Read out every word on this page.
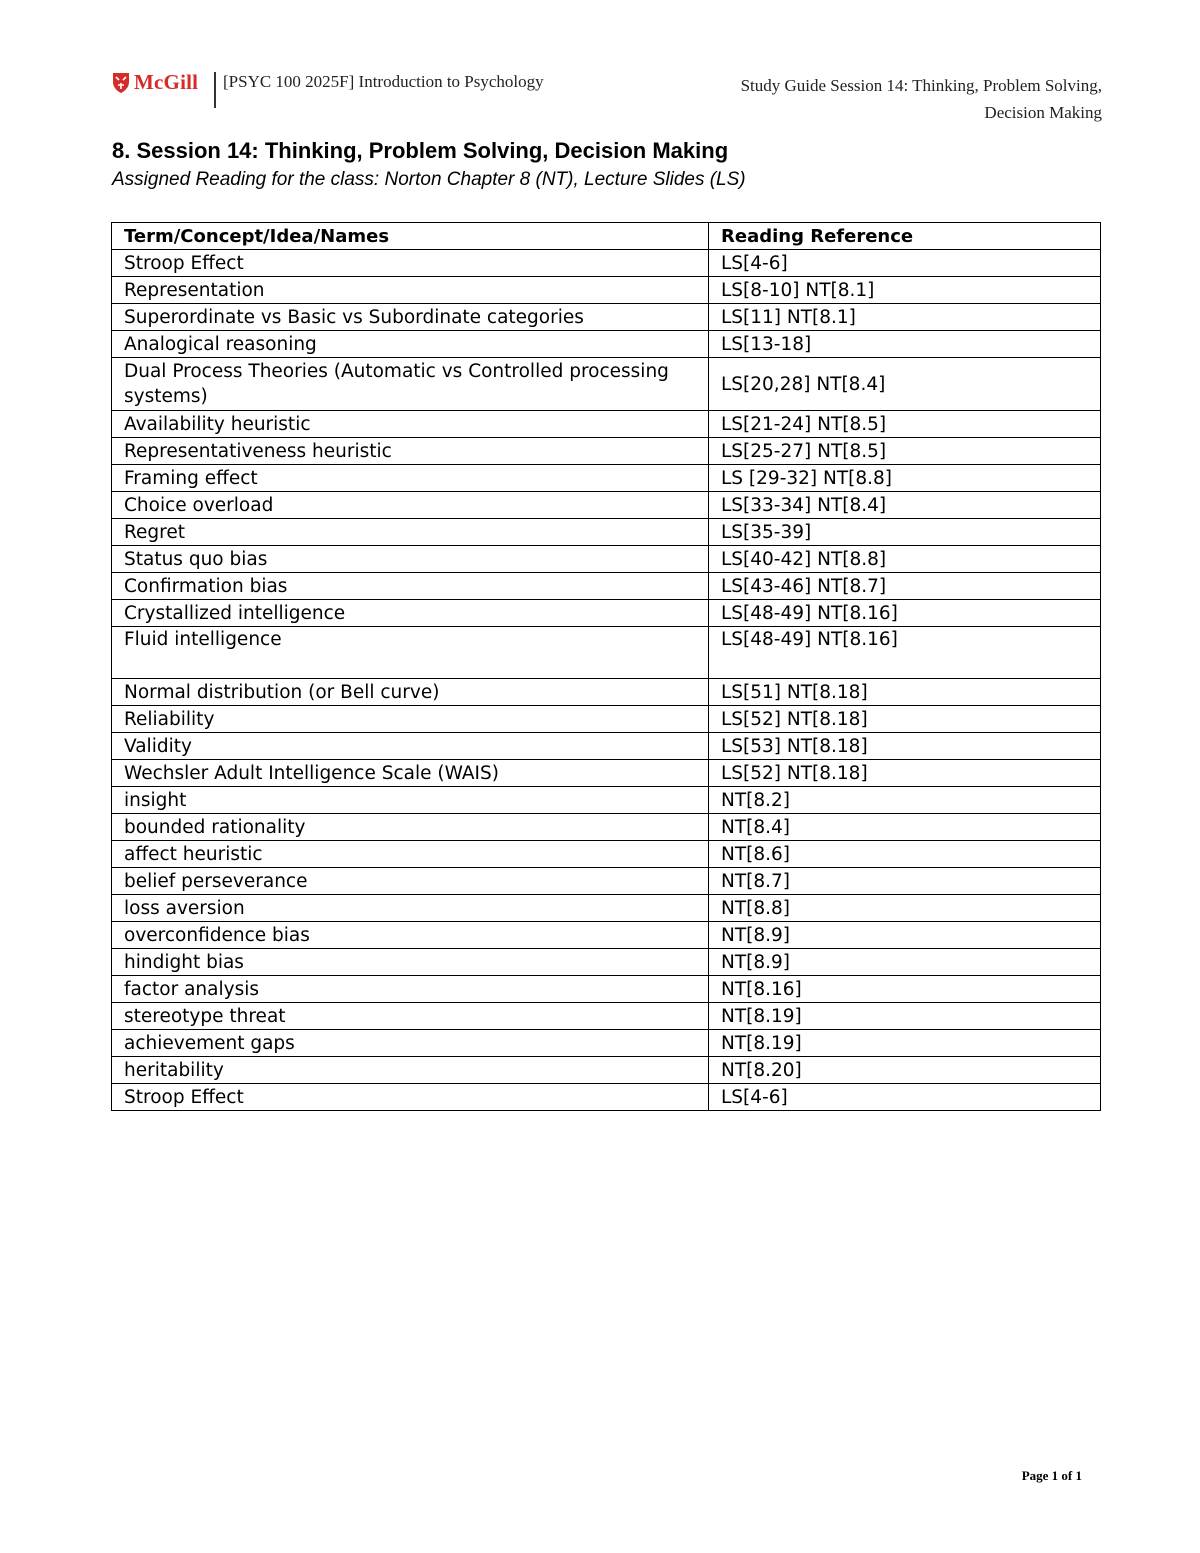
McGill [PSYC 100 2025F] Introduction to Psychology	Study Guide Session 14: Thinking, Problem Solving,
Decision Making
8. Session 14: Thinking, Problem Solving, Decision Making
Assigned Reading for the class: Norton Chapter 8 (NT), Lecture Slides (LS)
Term/Concept/Idea/Names	Reading Reference
Stroop Effect	LS[4-6]
Representation	LS[8-10] NT[8.1]
Superordinate vs Basic vs Subordinate categories	LS[11] NT[8.1]
Analogical reasoning	LS[13-18]
Dual Process Theories (Automatic vs Controlled processing systems)	LS[20,28] NT[8.4]
Availability heuristic	LS[21-24] NT[8.5]
Representativeness heuristic	LS[25-27] NT[8.5]
Framing effect	LS [29-32] NT[8.8]
Choice overload	LS[33-34] NT[8.4]
Regret	LS[35-39]
Status quo bias	LS[40-42] NT[8.8]
Confirmation bias	LS[43-46] NT[8.7]
Crystallized intelligence	LS[48-49] NT[8.16]
Fluid intelligence	LS[48-49] NT[8.16]
Normal distribution (or Bell curve)	LS[51] NT[8.18]
Reliability	LS[52] NT[8.18]
Validity	LS[53] NT[8.18]
Wechsler Adult Intelligence Scale (WAIS)	LS[52] NT[8.18]
insight	NT[8.2]
bounded rationality	NT[8.4]
affect heuristic	NT[8.6]
belief perseverance	NT[8.7]
loss aversion	NT[8.8]
overconfidence bias	NT[8.9]
hindight bias	NT[8.9]
factor analysis	NT[8.16]
stereotype threat	NT[8.19]
achievement gaps	NT[8.19]
heritability	NT[8.20]
Stroop Effect	LS[4-6]
Page 1 of 1
